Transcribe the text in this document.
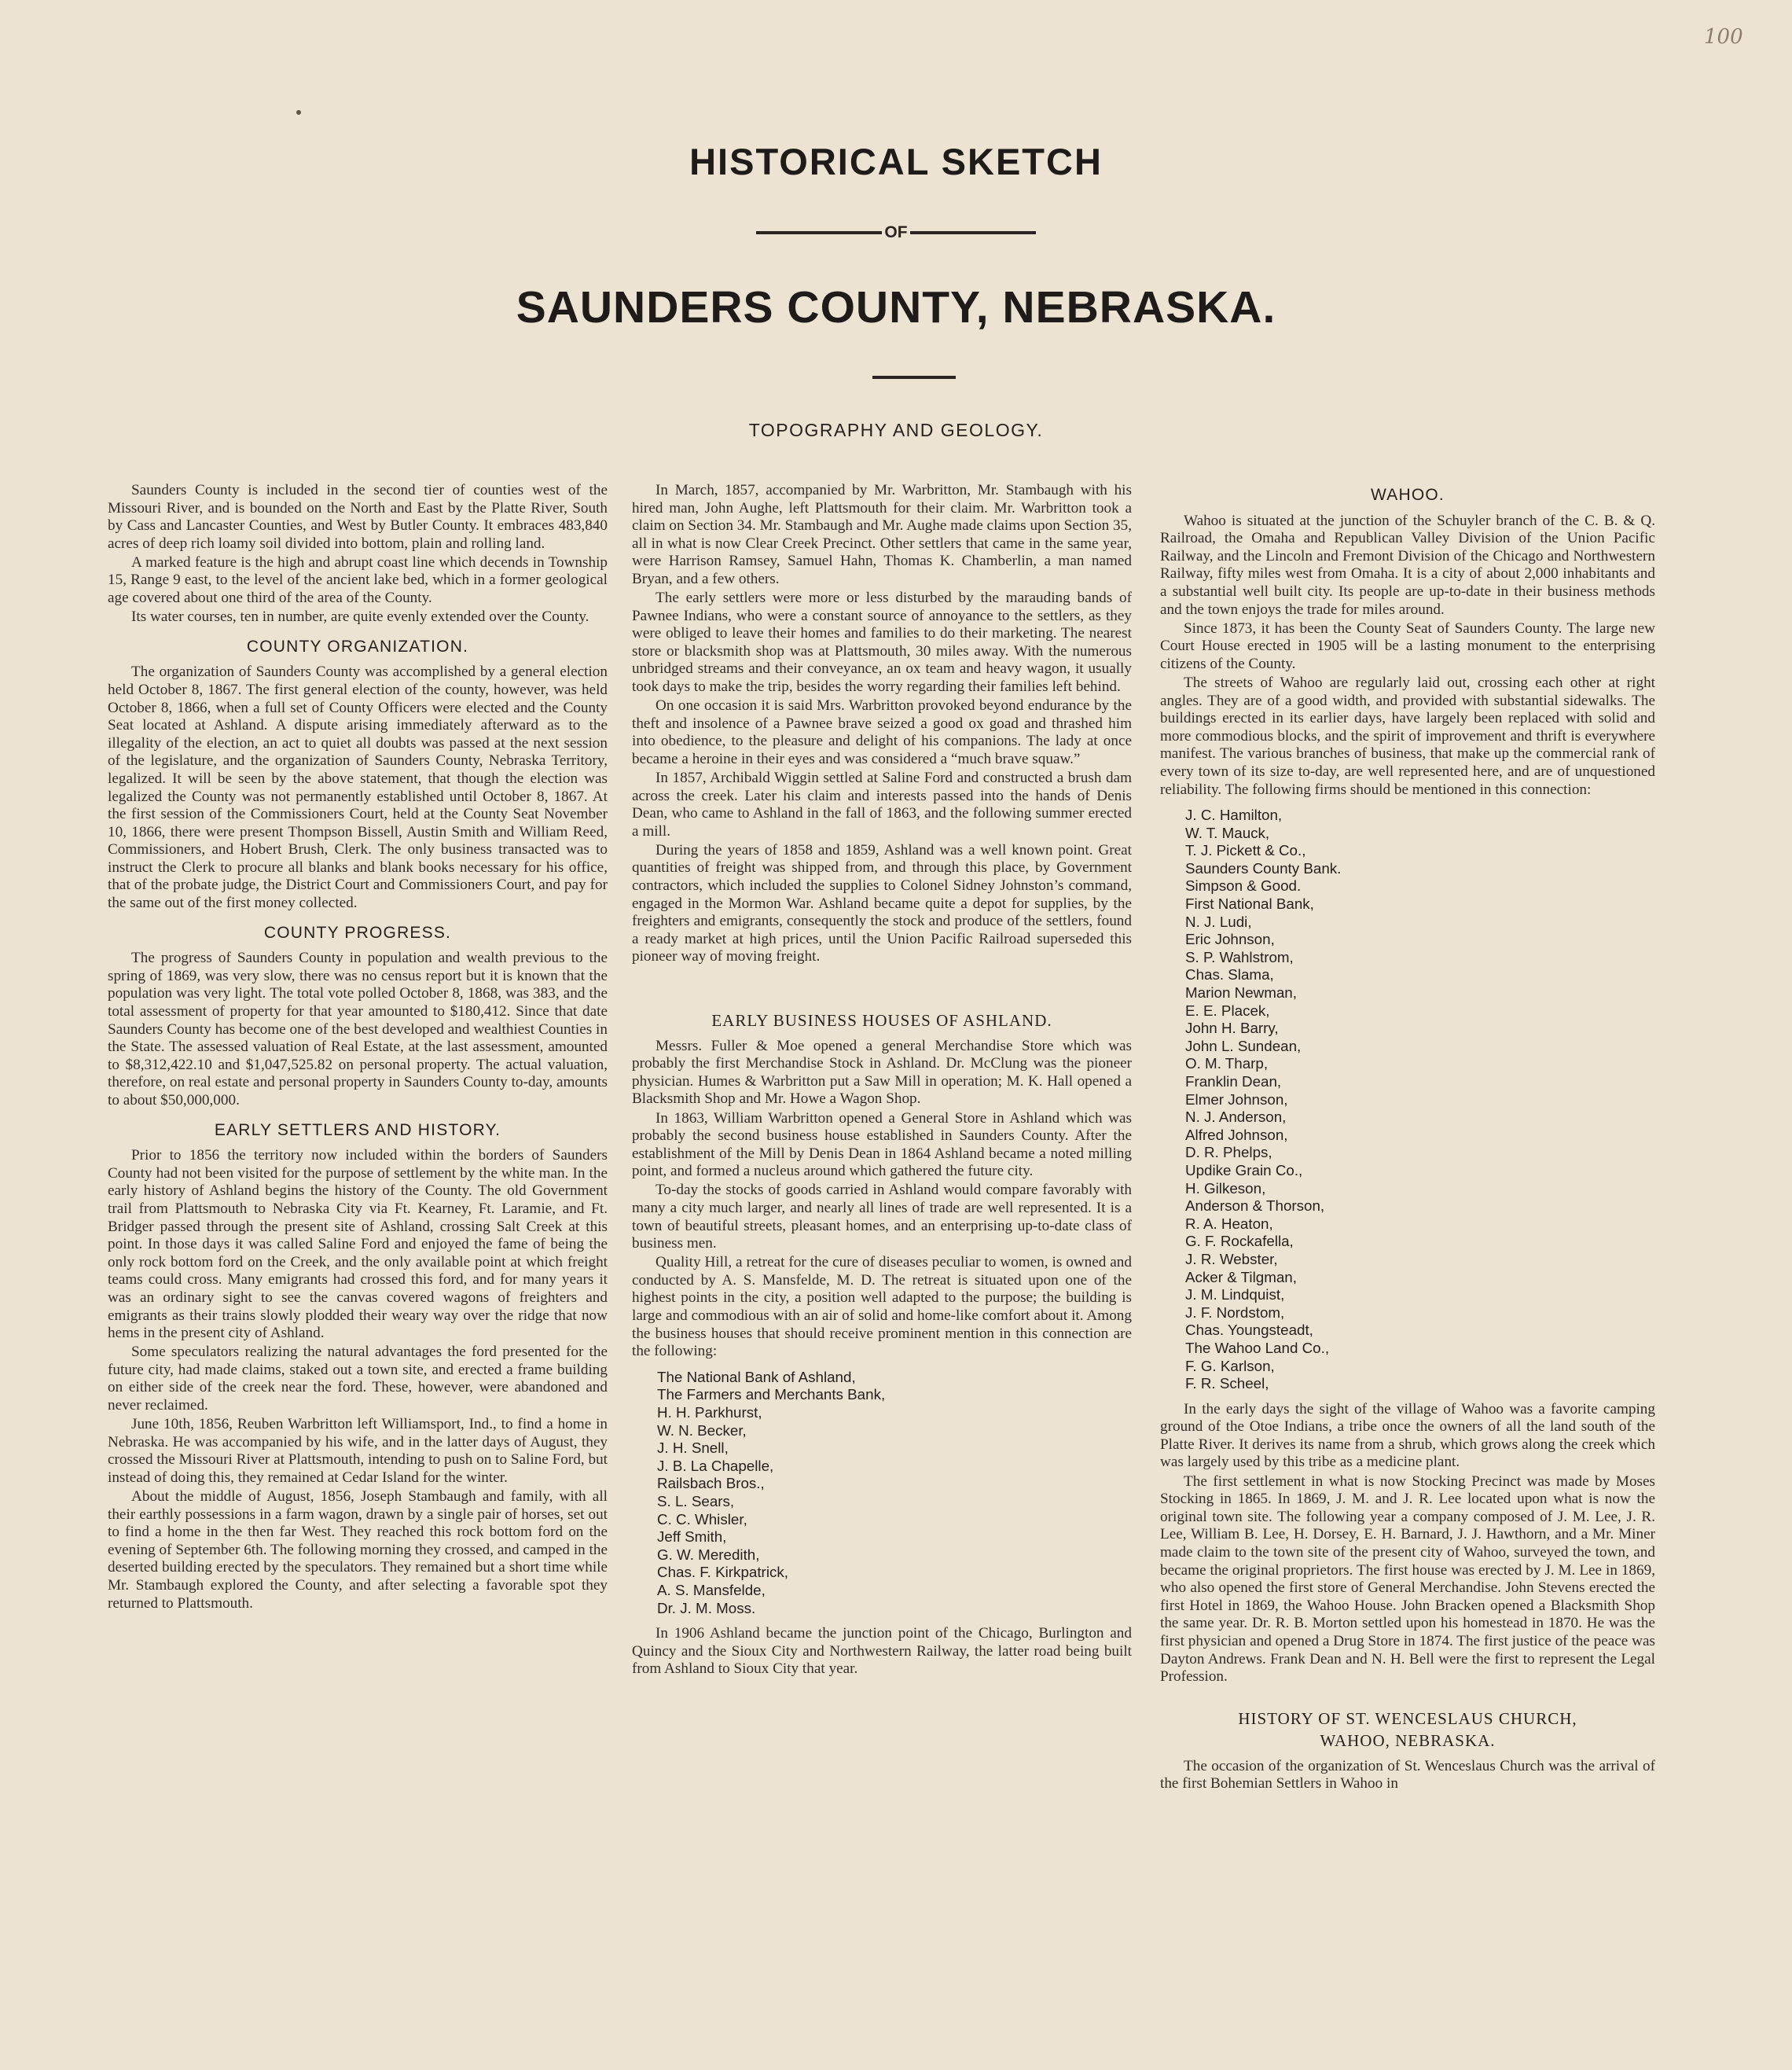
100
HISTORICAL SKETCH
OF
SAUNDERS COUNTY, NEBRASKA.
TOPOGRAPHY AND GEOLOGY.

Saunders County is included in the second tier of counties west of the Missouri River, and is bounded on the North and East by the Platte River, South by Cass and Lancaster Counties, and West by Butler County. It embraces 483,840 acres of deep rich loamy soil divided into bottom, plain and rolling land.

A marked feature is the high and abrupt coast line which decends in Township 15, Range 9 east, to the level of the ancient lake bed, which in a former geological age covered about one third of the area of the County.

Its water courses, ten in number, are quite evenly extended over the County.

COUNTY ORGANIZATION.

The organization of Saunders County was accomplished by a general election held October 8, 1867. The first general election of the county, however, was held October 8, 1866, when a full set of County Officers were elected and the County Seat located at Ashland. A dispute arising immediately afterward as to the illegality of the election, an act to quiet all doubts was passed at the next session of the legislature, and the organization of Saunders County, Nebraska Territory, legalized. It will be seen by the above statement, that though the election was legalized the County was not permanently established until October 8, 1867. At the first session of the Commissioners Court, held at the County Seat November 10, 1866, there were present Thompson Bissell, Austin Smith and William Reed, Commissioners, and Hobert Brush, Clerk. The only business transacted was to instruct the Clerk to procure all blanks and blank books necessary for his office, that of the probate judge, the District Court and Commissioners Court, and pay for the same out of the first money collected.

COUNTY PROGRESS.

The progress of Saunders County in population and wealth previous to the spring of 1869, was very slow, there was no census report but it is known that the population was very light. The total vote polled October 8, 1868, was 383, and the total assessment of property for that year amounted to $180,412. Since that date Saunders County has become one of the best developed and wealthiest Counties in the State. The assessed valuation of Real Estate, at the last assessment, amounted to $8,312,422.10 and $1,047,525.82 on personal property. The actual valuation, therefore, on real estate and personal property in Saunders County to-day, amounts to about $50,000,000.

EARLY SETTLERS AND HISTORY.

Prior to 1856 the territory now included within the borders of Saunders County had not been visited for the purpose of settlement by the white man. In the early history of Ashland begins the history of the County. The old Government trail from Plattsmouth to Nebraska City via Ft. Kearney, Ft. Laramie, and Ft. Bridger passed through the present site of Ashland, crossing Salt Creek at this point. In those days it was called Saline Ford and enjoyed the fame of being the only rock bottom ford on the Creek, and the only available point at which freight teams could cross. Many emigrants had crossed this ford, and for many years it was an ordinary sight to see the canvas covered wagons of freighters and emigrants as their trains slowly plodded their weary way over the ridge that now hems in the present city of Ashland.

Some speculators realizing the natural advantages the ford presented for the future city, had made claims, staked out a town site, and erected a frame building on either side of the creek near the ford. These, however, were abandoned and never reclaimed.

June 10th, 1856, Reuben Warbritton left Williamsport, Ind., to find a home in Nebraska. He was accompanied by his wife, and in the latter days of August, they crossed the Missouri River at Plattsmouth, intending to push on to Saline Ford, but instead of doing this, they remained at Cedar Island for the winter.

About the middle of August, 1856, Joseph Stambaugh and family, with all their earthly possessions in a farm wagon, drawn by a single pair of horses, set out to find a home in the then far West. They reached this rock bottom ford on the evening of September 6th. The following morning they crossed, and camped in the deserted building erected by the speculators. They remained but a short time while Mr. Stambaugh explored the County, and after selecting a favorable spot they returned to Plattsmouth.

In March, 1857, accompanied by Mr. Warbritton, Mr. Stambaugh with his hired man, John Aughe, left Plattsmouth for their claim. Mr. Warbritton took a claim on Section 34. Mr. Stambaugh and Mr. Aughe made claims upon Section 35, all in what is now Clear Creek Precinct. Other settlers that came in the same year, were Harrison Ramsey, Samuel Hahn, Thomas K. Chamberlin, a man named Bryan, and a few others.

The early settlers were more or less disturbed by the marauding bands of Pawnee Indians, who were a constant source of annoyance to the settlers, as they were obliged to leave their homes and families to do their marketing. The nearest store or blacksmith shop was at Plattsmouth, 30 miles away. With the numerous unbridged streams and their conveyance, an ox team and heavy wagon, it usually took days to make the trip, besides the worry regarding their families left behind.

On one occasion it is said Mrs. Warbritton provoked beyond endurance by the theft and insolence of a Pawnee brave seized a good ox goad and thrashed him into obedience, to the pleasure and delight of his companions. The lady at once became a heroine in their eyes and was considered a “much brave squaw.”

In 1857, Archibald Wiggin settled at Saline Ford and constructed a brush dam across the creek. Later his claim and interests passed into the hands of Denis Dean, who came to Ashland in the fall of 1863, and the following summer erected a mill.

During the years of 1858 and 1859, Ashland was a well known point. Great quantities of freight was shipped from, and through this place, by Government contractors, which included the supplies to Colonel Sidney Johnston’s command, engaged in the Mormon War. Ashland became quite a depot for supplies, by the freighters and emigrants, consequently the stock and produce of the settlers, found a ready market at high prices, until the Union Pacific Railroad superseded this pioneer way of moving freight.

EARLY BUSINESS HOUSES OF ASHLAND.

Messrs. Fuller & Moe opened a general Merchandise Store which was probably the first Merchandise Stock in Ashland. Dr. McClung was the pioneer physician. Humes & Warbritton put a Saw Mill in operation; M. K. Hall opened a Blacksmith Shop and Mr. Howe a Wagon Shop.

In 1863, William Warbritton opened a General Store in Ashland which was probably the second business house established in Saunders County. After the establishment of the Mill by Denis Dean in 1864 Ashland became a noted milling point, and formed a nucleus around which gathered the future city.

To-day the stocks of goods carried in Ashland would compare favorably with many a city much larger, and nearly all lines of trade are well represented. It is a town of beautiful streets, pleasant homes, and an enterprising up-to-date class of business men.

Quality Hill, a retreat for the cure of diseases peculiar to women, is owned and conducted by A. S. Mansfelde, M. D. The retreat is situated upon one of the highest points in the city, a position well adapted to the purpose; the building is large and commodious with an air of solid and home-like comfort about it. Among the business houses that should receive prominent mention in this connection are the following:

The National Bank of Ashland,
The Farmers and Merchants Bank,
H. H. Parkhurst,
W. N. Becker,
J. H. Snell,
J. B. La Chapelle,
Railsbach Bros.,
S. L. Sears,
C. C. Whisler,
Jeff Smith,
G. W. Meredith,
Chas. F. Kirkpatrick,
A. S. Mansfelde,
Dr. J. M. Moss.

In 1906 Ashland became the junction point of the Chicago, Burlington and Quincy and the Sioux City and Northwestern Railway, the latter road being built from Ashland to Sioux City that year.

WAHOO.

Wahoo is situated at the junction of the Schuyler branch of the C. B. & Q. Railroad, the Omaha and Republican Valley Division of the Union Pacific Railway, and the Lincoln and Fremont Division of the Chicago and Northwestern Railway, fifty miles west from Omaha. It is a city of about 2,000 inhabitants and a substantial well built city. Its people are up-to-date in their business methods and the town enjoys the trade for miles around.

Since 1873, it has been the County Seat of Saunders County. The large new Court House erected in 1905 will be a lasting monument to the enterprising citizens of the County.

The streets of Wahoo are regularly laid out, crossing each other at right angles. They are of a good width, and provided with substantial sidewalks. The buildings erected in its earlier days, have largely been replaced with solid and more commodious blocks, and the spirit of improvement and thrift is everywhere manifest. The various branches of business, that make up the commercial rank of every town of its size to-day, are well represented here, and are of unquestioned reliability. The following firms should be mentioned in this connection:

J. C. Hamilton,
W. T. Mauck,
T. J. Pickett & Co.,
Saunders County Bank.
Simpson & Good.
First National Bank,
N. J. Ludi,
Eric Johnson,
S. P. Wahlstrom,
Chas. Slama,
Marion Newman,
E. E. Placek,
John H. Barry,
John L. Sundean,
O. M. Tharp,
Franklin Dean,
Elmer Johnson,
N. J. Anderson,
Alfred Johnson,
D. R. Phelps,
Updike Grain Co.,
H. Gilkeson,
Anderson & Thorson,
R. A. Heaton,
G. F. Rockafella,
J. R. Webster,
Acker & Tilgman,
J. M. Lindquist,
J. F. Nordstom,
Chas. Youngsteadt,
The Wahoo Land Co.,
F. G. Karlson,
F. R. Scheel,

In the early days the sight of the village of Wahoo was a favorite camping ground of the Otoe Indians, a tribe once the owners of all the land south of the Platte River. It derives its name from a shrub, which grows along the creek which was largely used by this tribe as a medicine plant.

The first settlement in what is now Stocking Precinct was made by Moses Stocking in 1865. In 1869, J. M. and J. R. Lee located upon what is now the original town site. The following year a company composed of J. M. Lee, J. R. Lee, William B. Lee, H. Dorsey, E. H. Barnard, J. J. Hawthorn, and a Mr. Miner made claim to the town site of the present city of Wahoo, surveyed the town, and became the original proprietors. The first house was erected by J. M. Lee in 1869, who also opened the first store of General Merchandise. John Stevens erected the first Hotel in 1869, the Wahoo House. John Bracken opened a Blacksmith Shop the same year. Dr. R. B. Morton settled upon his homestead in 1870. He was the first physician and opened a Drug Store in 1874. The first justice of the peace was Dayton Andrews. Frank Dean and N. H. Bell were the first to represent the Legal Profession.

HISTORY OF ST. WENCESLAUS CHURCH,
WAHOO, NEBRASKA.

The occasion of the organization of St. Wenceslaus Church was the arrival of the first Bohemian Settlers in Wahoo in
